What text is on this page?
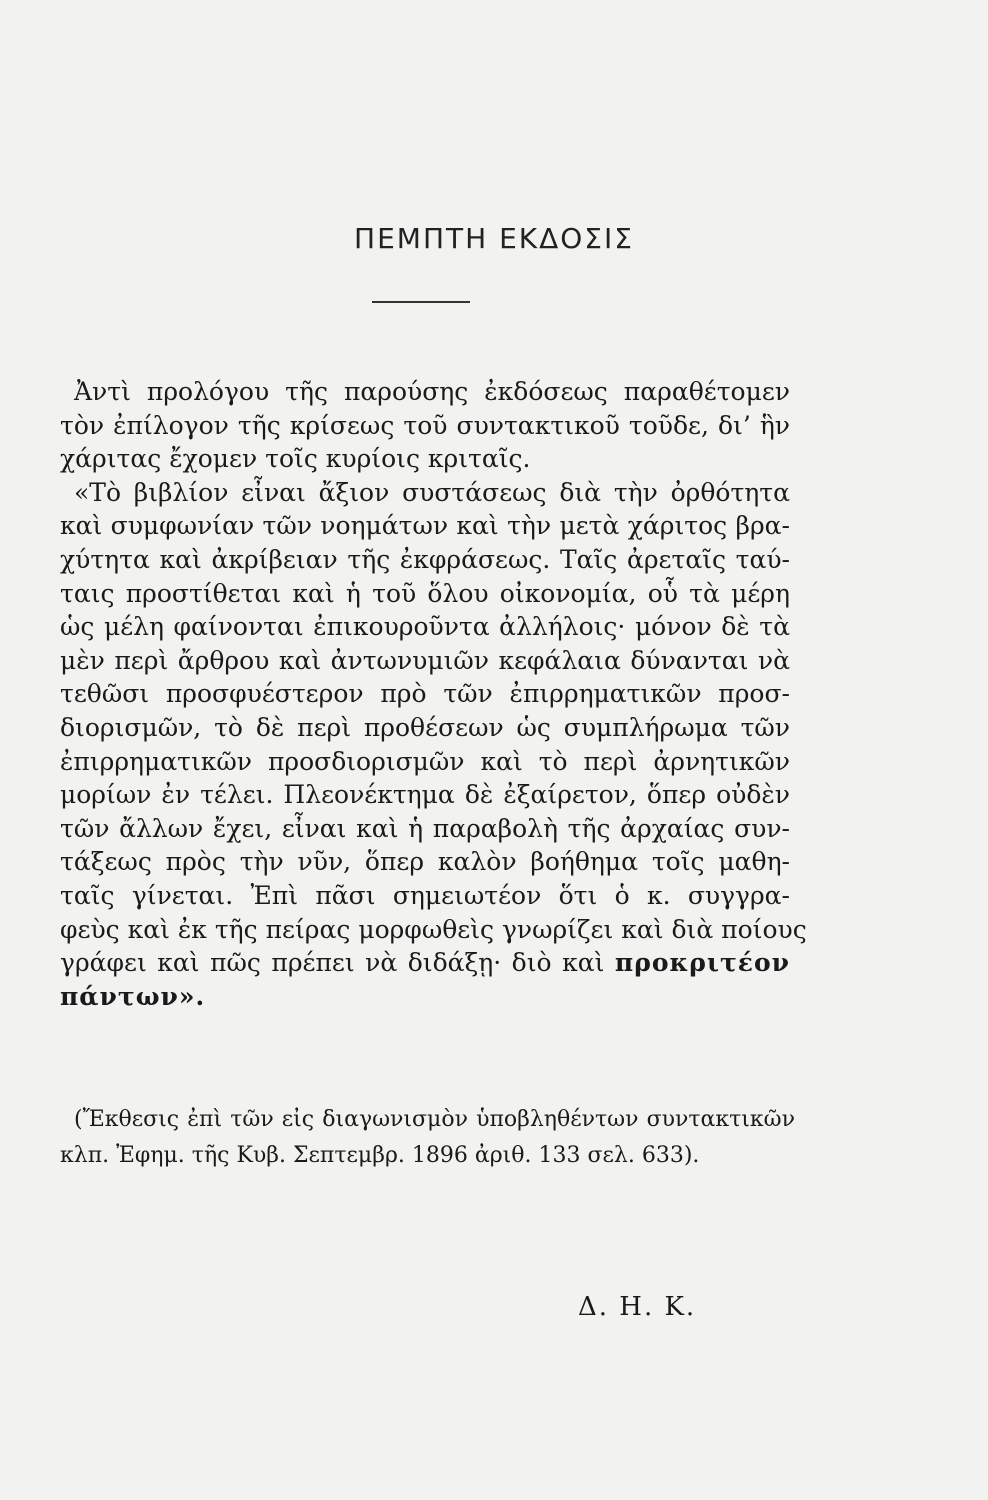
ΠΕΜΠΤΗ ΕΚΔΟΣΙΣ
Ἀντὶ προλόγου τῆς παρούσης ἐκδόσεως παραθέτομεν
τὸν ἐπίλογον τῆς κρίσεως τοῦ συντακτικοῦ τοῦδε, δι’ ἣν
χάριτας ἔχομεν τοῖς κυρίοις κριταῖς.
«Τὸ βιβλίον εἶναι ἄξιον συστάσεως διὰ τὴν ὀρθότητα
καὶ συμφωνίαν τῶν νοημάτων καὶ τὴν μετὰ χάριτος βρα-
χύτητα καὶ ἀκρίβειαν τῆς ἐκφράσεως. Ταῖς ἀρεταῖς ταύ-
ταις προστίθεται καὶ ἡ τοῦ ὅλου οἰκονομία, οὗ τὰ μέρη
ὡς μέλη φαίνονται ἐπικουροῦντα ἀλλήλοις· μόνον δὲ τὰ
μὲν περὶ ἄρθρου καὶ ἀντωνυμιῶν κεφάλαια δύνανται νὰ
τεθῶσι προσφυέστερον πρὸ τῶν ἐπιρρηματικῶν προσ-
διορισμῶν, τὸ δὲ περὶ προθέσεων ὡς συμπλήρωμα τῶν
ἐπιρρηματικῶν προσδιορισμῶν καὶ τὸ περὶ ἀρνητικῶν
μορίων ἐν τέλει. Πλεονέκτημα δὲ ἐξαίρετον, ὅπερ οὐδὲν
τῶν ἄλλων ἔχει, εἶναι καὶ ἡ παραβολὴ τῆς ἀρχαίας συν-
τάξεως πρὸς τὴν νῦν, ὅπερ καλὸν βοήθημα τοῖς μαθη-
ταῖς γίνεται. Ἐπὶ πᾶσι σημειωτέον ὅτι ὁ κ. συγγρα-
φεὺς καὶ ἐκ τῆς πείρας μορφωθεὶς γνωρίζει καὶ διὰ ποίους
γράφει καὶ πῶς πρέπει νὰ διδάξῃ· διὸ καὶ προκριτέον
πάντων».
(Ἔκθεσις ἐπὶ τῶν εἰς διαγωνισμὸν ὑποβληθέντων συντακτικῶν
κλπ. Ἐφημ. τῆς Κυβ. Σεπτεμβρ. 1896 ἀριθ. 133 σελ. 633).
Δ. Η. Κ.
